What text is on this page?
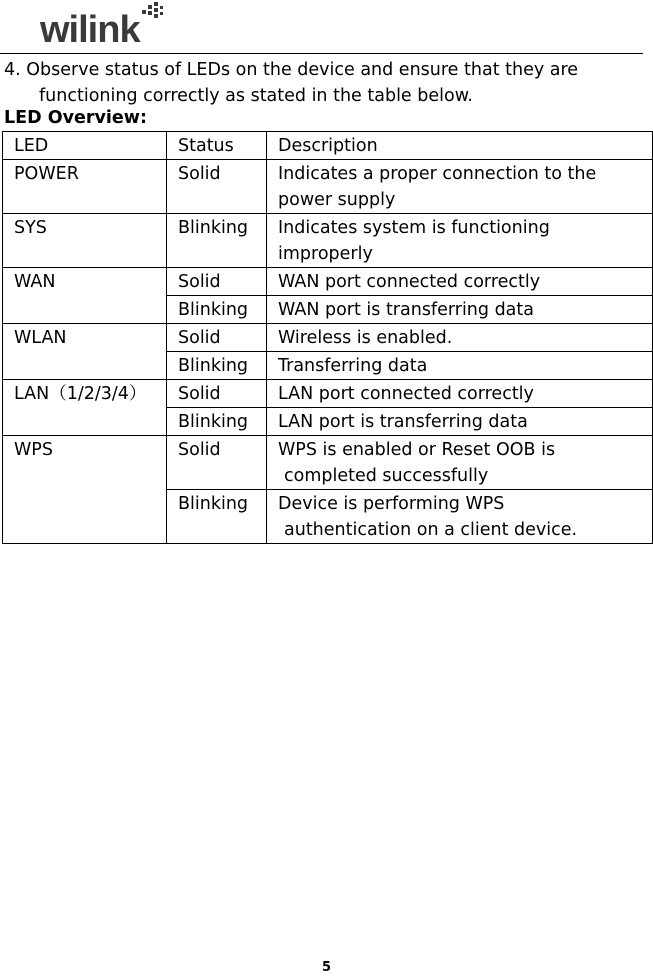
wilink
4. Observe status of LEDs on the device and ensure that they are
functioning correctly as stated in the table below.
LED Overview:
LED	Status	Description
POWER	Solid	Indicates a proper connection to the
power supply

SYS	Blinking	Indicates system is functioning
improperly

WAN	Solid	WAN port connected correctly

	Blinking	WAN port is transferring data

WLAN	Solid	Wireless is enabled.

	Blinking	Transferring data

LAN（1/2/3/4）	Solid	LAN port connected correctly

	Blinking	LAN port is transferring data

WPS	Solid	WPS is enabled or Reset OOB is
completed successfully

	Blinking	Device is performing WPS
authentication on a client device.
5
